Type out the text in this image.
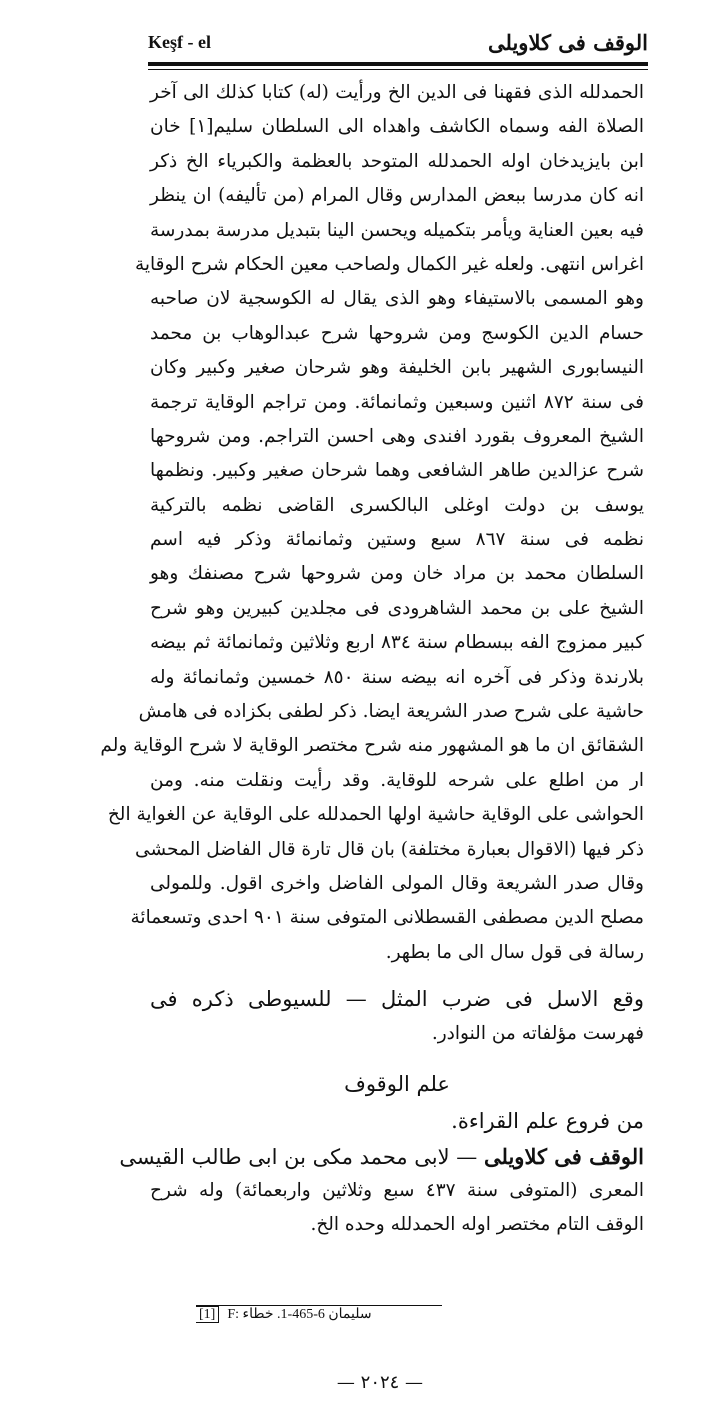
الوقف فى كلاويلى
Keşf - el
الحمدلله الذى فقهنا فى الدين الخ ورأيت (له) كتابا كذلك الى آخر
الصلاة الفه وسماه الكاشف واهداه الى السلطان سليم[١] خان
ابن بايزيدخان اوله الحمدلله المتوحد بالعظمة والكبرياء الخ ذكر
انه كان مدرسا ببعض المدارس وقال المرام (من تأليفه) ان ينظر
فيه بعين العناية ويأمر بتكميله ويحسن الينا بتبديل مدرسة بمدرسة
اغراس انتهى. ولعله غير الكمال ولصاحب معين الحكام شرح الوقاية
وهو المسمى بالاستيفاء وهو الذى يقال له الكوسجية لان صاحبه
حسام الدين الكوسج ومن شروحها شرح عبدالوهاب بن محمد
النيسابورى الشهير بابن الخليفة وهو شرحان صغير وكبير وكان
فى سنة ٨٧٢ اثنين وسبعين وثمانمائة. ومن تراجم الوقاية ترجمة
الشيخ المعروف بقورد افندى وهى احسن التراجم. ومن شروحها
شرح عزالدين طاهر الشافعى وهما شرحان صغير وكبير. ونظمها
يوسف بن دولت اوغلى البالكسرى القاضى نظمه بالتركية
نظمه فى سنة ٨٦٧ سبع وستين وثمانمائة وذكر فيه اسم
السلطان محمد بن مراد خان ومن شروحها شرح مصنفك وهو
الشيخ على بن محمد الشاهرودى فى مجلدين كبيرين وهو شرح
كبير ممزوج الفه ببسطام سنة ٨٣٤ اربع وثلاثين وثمانمائة ثم بيضه
بلارندة وذكر فى آخره انه بيضه سنة ٨٥٠ خمسين وثمانمائة وله
حاشية على شرح صدر الشريعة ايضا. ذكر لطفى بكزاده فى هامش
الشقائق ان ما هو المشهور منه شرح مختصر الوقاية لا شرح الوقاية ولم
ار من اطلع على شرحه للوقاية. وقد رأيت ونقلت منه. ومن
الحواشى على الوقاية حاشية اولها الحمدلله على الوقاية عن الغواية الخ
ذكر فيها (الاقوال بعبارة مختلفة) بان قال تارة قال الفاضل المحشى
وقال صدر الشريعة وقال المولى الفاضل واخرى اقول. وللمولى
مصلح الدين مصطفى القسطلانى المتوفى سنة ٩٠١ احدى وتسعمائة
رسالة فى قول سال الى ما بطهر.
وقع الاسل فى ضرب المثل — للسيوطى ذكره فى
فهرست مؤلفاته من النوادر.
علم الوقوف
من فروع علم القراءة.
الوقف فى كلاويلى — لابى محمد مكى بن ابى طالب القيسى
المعرى (المتوفى سنة ٤٣٧ سبع وثلاثين واربعمائة) وله شرح
الوقف التام مختصر اوله الحمدلله وحده الخ.
[1] F: سليمان 6-465-1. خطاء
— ٢٠٢٤ —
